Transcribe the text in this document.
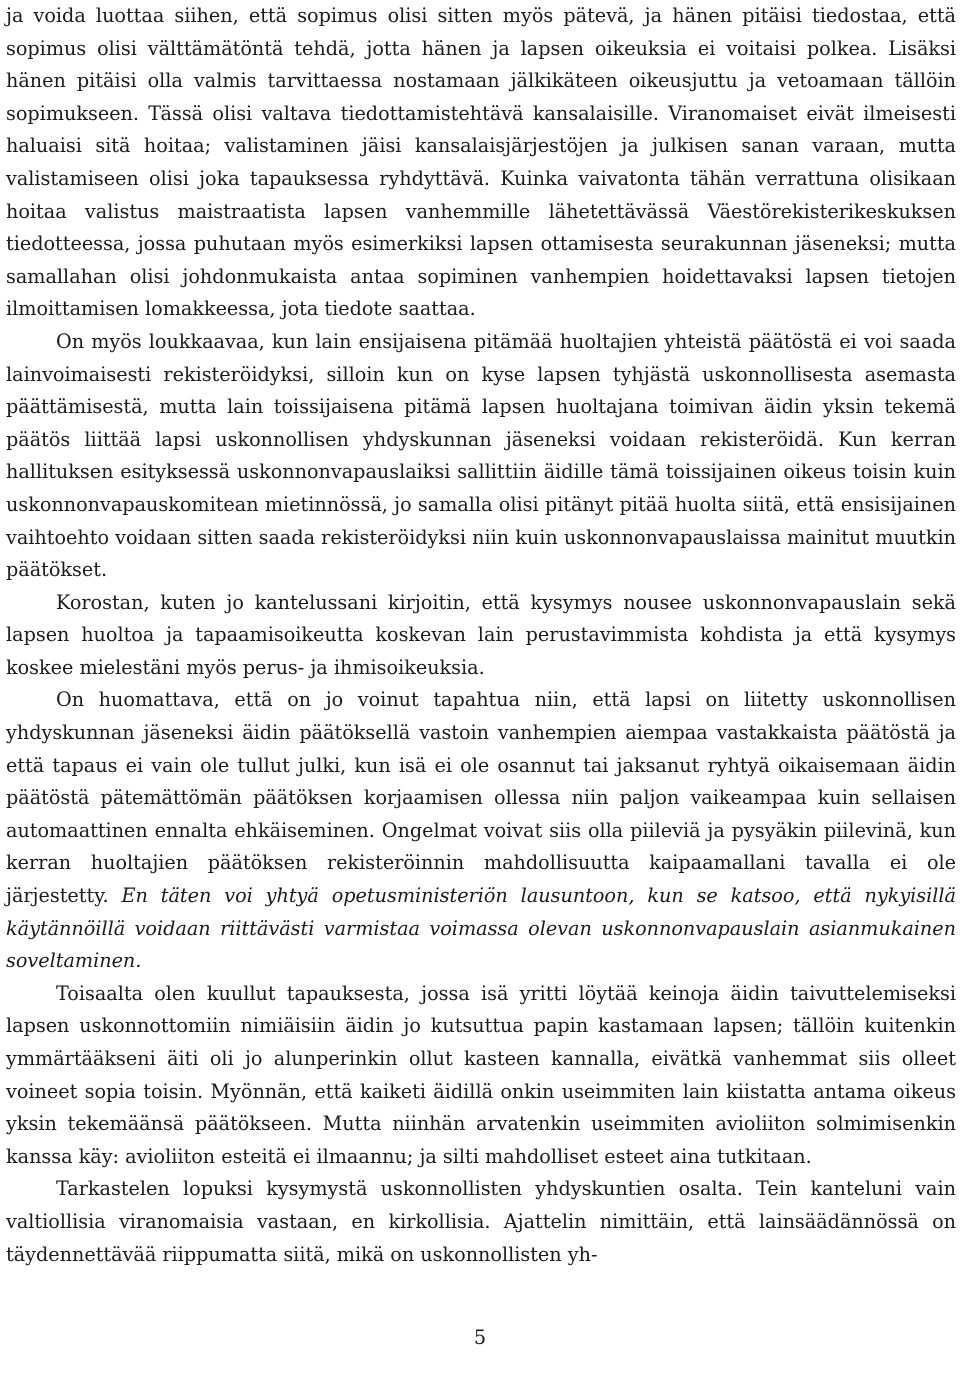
ja voida luottaa siihen, että sopimus olisi sitten myös pätevä, ja hänen pitäisi tiedostaa, että sopimus olisi välttämätöntä tehdä, jotta hänen ja lapsen oikeuksia ei voitaisi polkea. Lisäksi hänen pitäisi olla valmis tarvittaessa nostamaan jälkikäteen oikeusjuttu ja vetoamaan tällöin sopimukseen. Tässä olisi valtava tiedottamistehtävä kansalaisille. Viranomaiset eivät ilmeisesti haluaisi sitä hoitaa; valistaminen jäisi kansalaisjärjestöjen ja julkisen sanan varaan, mutta valistamiseen olisi joka tapauksessa ryhdyttävä. Kuinka vaivatonta tähän verrattuna olisikaan hoitaa valistus maistraatista lapsen vanhemmille lähetettävässä Väestörekisterikeskuksen tiedotteessa, jossa puhutaan myös esimerkiksi lapsen ottamisesta seurakunnan jäseneksi; mutta samallahan olisi johdonmukaista antaa sopiminen vanhempien hoidettavaksi lapsen tietojen ilmoittamisen lomakkeessa, jota tiedote saattaa.

On myös loukkaavaa, kun lain ensijaisena pitämää huoltajien yhteistä päätöstä ei voi saada lainvoimaisesti rekisteröidyksi, silloin kun on kyse lapsen tyhjästä uskonnollisesta asemasta päättämisestä, mutta lain toissijaisena pitämä lapsen huoltajana toimivan äidin yksin tekemä päätös liittää lapsi uskonnollisen yhdyskunnan jäseneksi voidaan rekisteröidä. Kun kerran hallituksen esityksessä uskonnonvapauslaiksi sallittiin äidille tämä toissijainen oikeus toisin kuin uskonnonvapauskomitean mietinnössä, jo samalla olisi pitänyt pitää huolta siitä, että ensisijainen vaihtoehto voidaan sitten saada rekisteröidyksi niin kuin uskonnonvapauslaissa mainitut muutkin päätökset.

Korostan, kuten jo kantelussani kirjoitin, että kysymys nousee uskonnonvapauslain sekä lapsen huoltoa ja tapaamisoikeutta koskevan lain perustavimmista kohdista ja että kysymys koskee mielestäni myös perus- ja ihmisoikeuksia.

On huomattava, että on jo voinut tapahtua niin, että lapsi on liitetty uskonnollisen yhdyskunnan jäseneksi äidin päätöksellä vastoin vanhempien aiempaa vastakkaista päätöstä ja että tapaus ei vain ole tullut julki, kun isä ei ole osannut tai jaksanut ryhtyä oikaisemaan äidin päätöstä pätemättömän päätöksen korjaamisen ollessa niin paljon vaikeampaa kuin sellaisen automaattinen ennalta ehkäiseminen. Ongelmat voivat siis olla piileviä ja pysyäkin piilevinä, kun kerran huoltajien päätöksen rekisteröinnin mahdollisuutta kaipaamallani tavalla ei ole järjestetty. En täten voi yhtyä opetusministeriön lausuntoon, kun se katsoo, että nykyisillä käytännöillä voidaan riittävästi varmistaa voimassa olevan uskonnonvapauslain asianmukainen soveltaminen.

Toisaalta olen kuullut tapauksesta, jossa isä yritti löytää keinoja äidin taivuttelemiseksi lapsen uskonnottomiin nimiäisiin äidin jo kutsuttua papin kastamaan lapsen; tällöin kuitenkin ymmärtääkseni äiti oli jo alunperinkin ollut kasteen kannalla, eivätkä vanhemmat siis olleet voineet sopia toisin. Myönnän, että kaiketi äidillä onkin useimmiten lain kiistatta antama oikeus yksin tekemäänsä päätökseen. Mutta niinhän arvatenkin useimmiten avioliiton solmimisenkin kanssa käy: avioliiton esteitä ei ilmaannu; ja silti mahdolliset esteet aina tutkitaan.

Tarkastelen lopuksi kysymystä uskonnollisten yhdyskuntien osalta. Tein kanteluni vain valtiollisia viranomaisia vastaan, en kirkollisia. Ajattelin nimittäin, että lainsäädännössä on täydennettävää riippumatta siitä, mikä on uskonnollisten yh-

5
